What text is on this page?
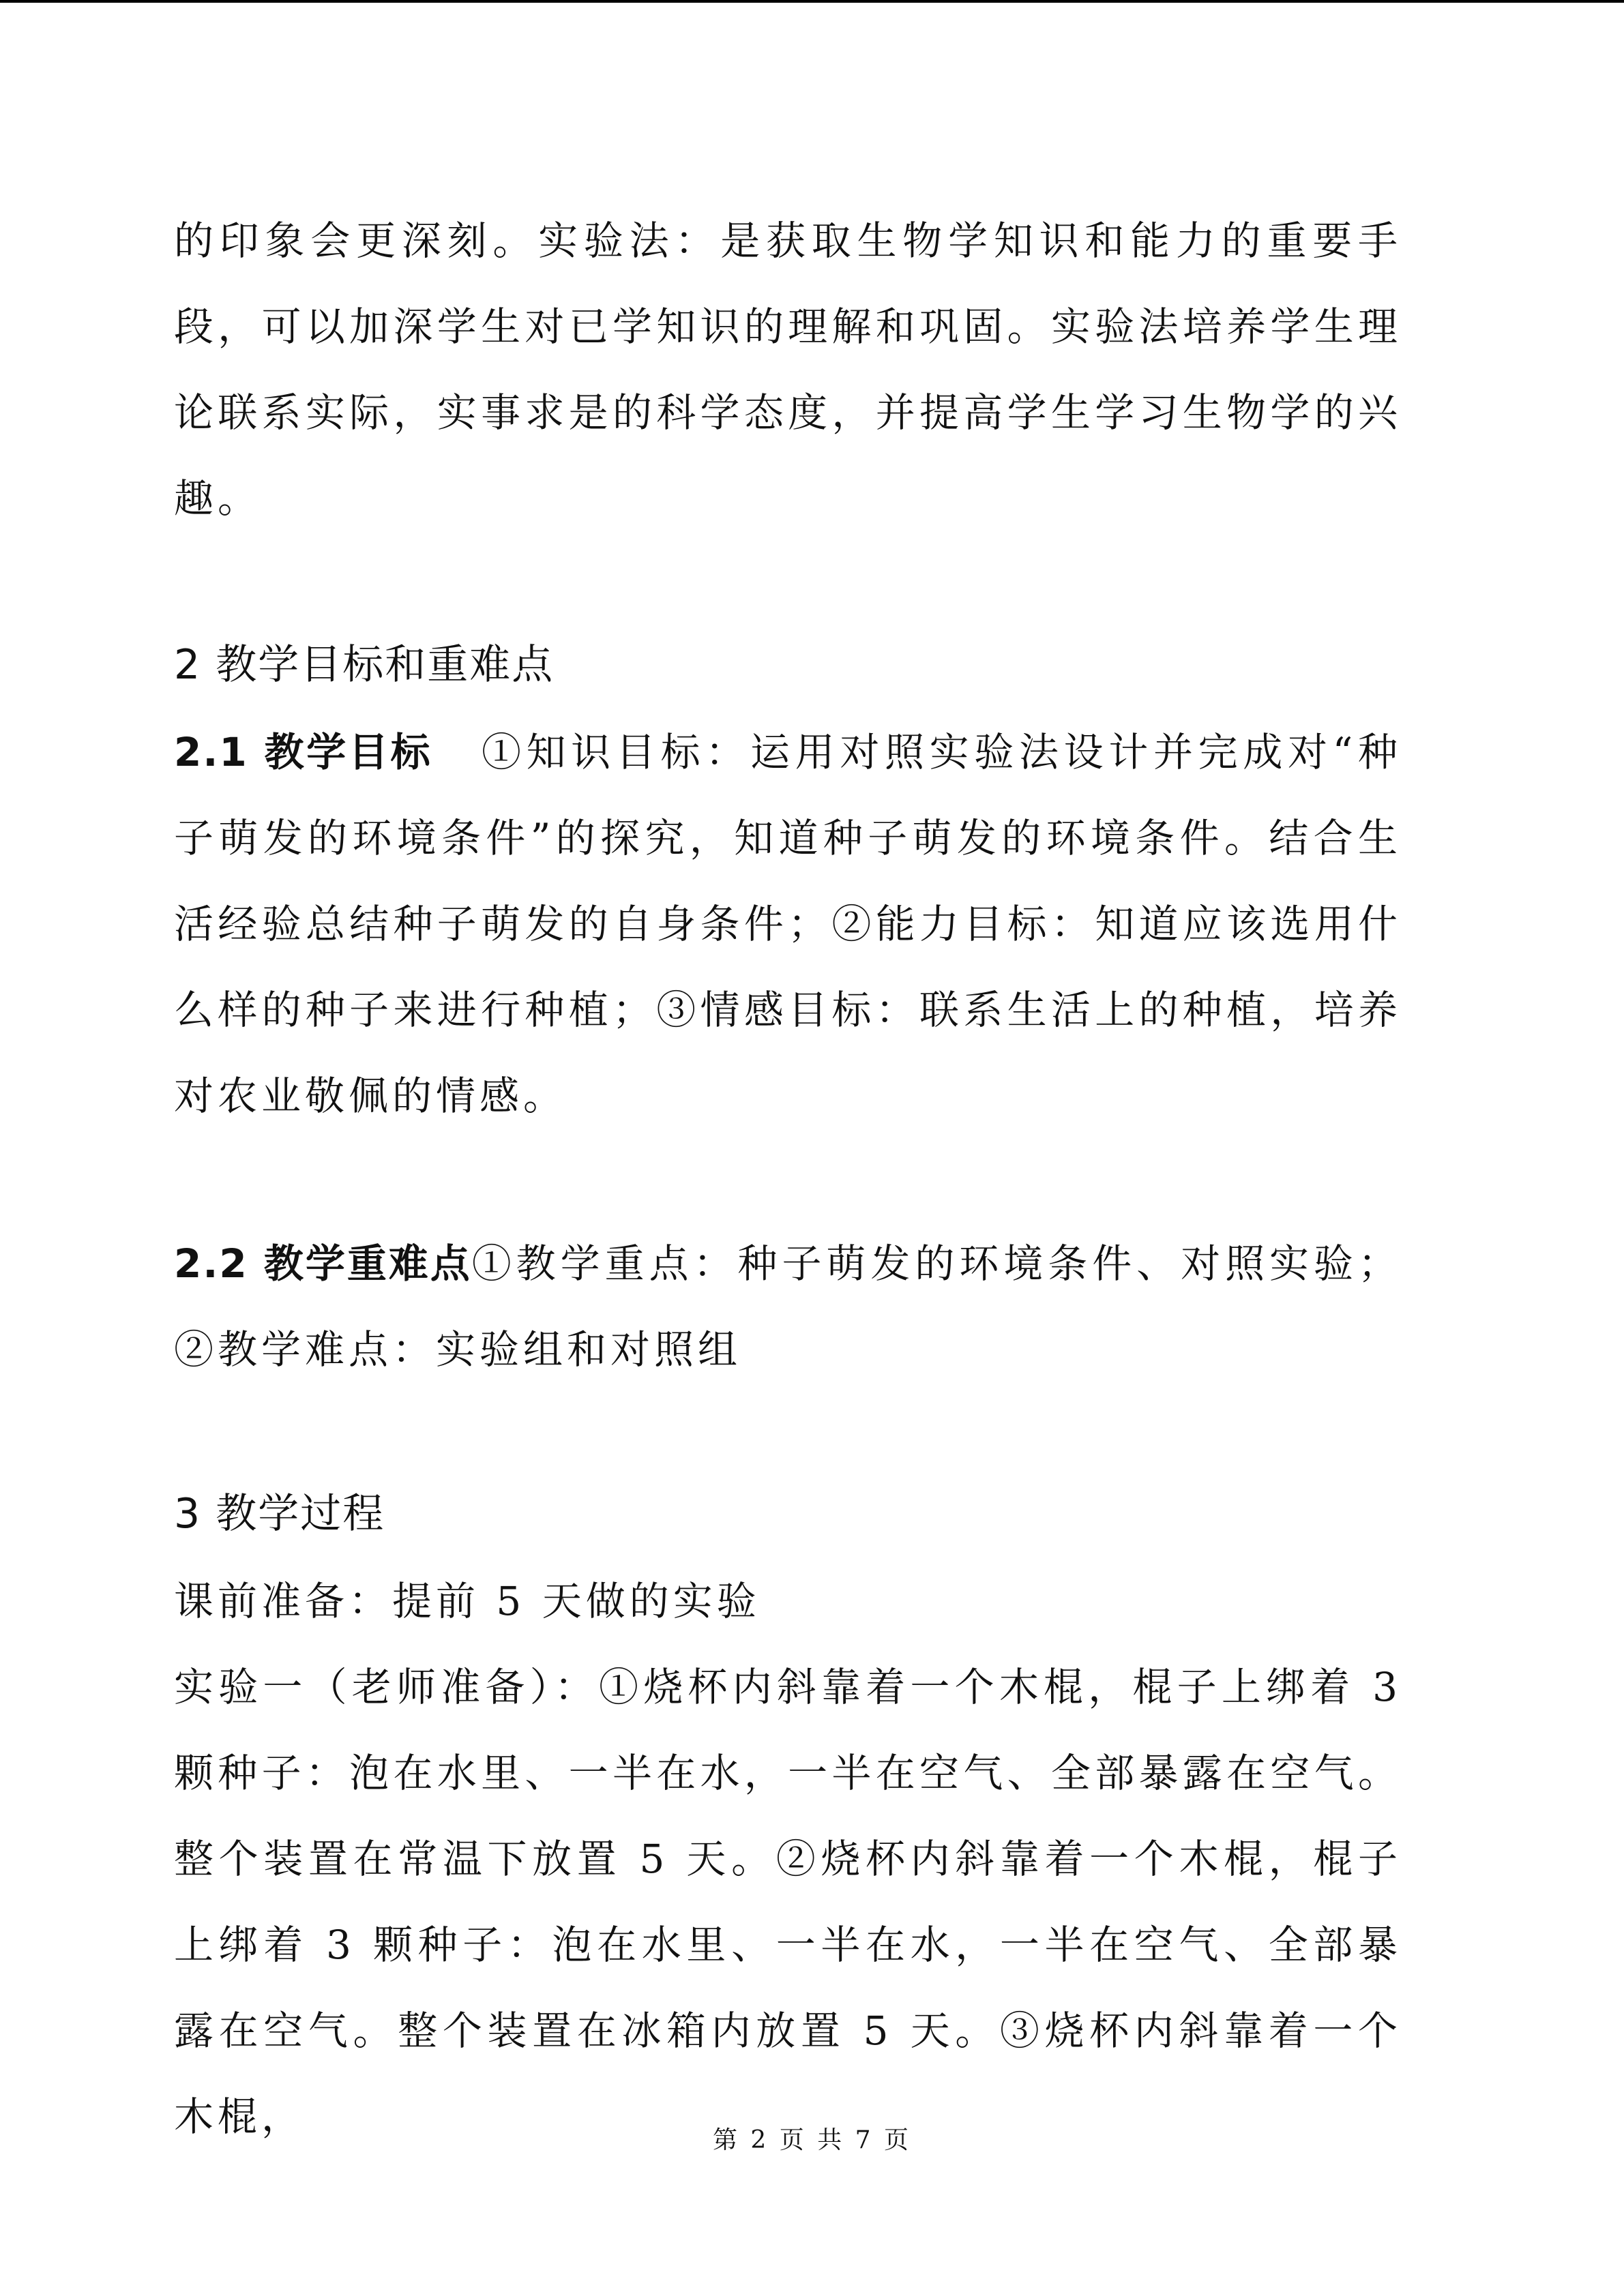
的印象会更深刻。实验法：是获取生物学知识和能力的重要手段，可以加深学生对已学知识的理解和巩固。实验法培养学生理论联系实际，实事求是的科学态度，并提高学生学习生物学的兴趣。

2 教学目标和重难点

2.1 教学目标 ①知识目标：运用对照实验法设计并完成对“种子萌发的环境条件”的探究，知道种子萌发的环境条件。结合生活经验总结种子萌发的自身条件；②能力目标：知道应该选用什么样的种子来进行种植；③情感目标：联系生活上的种植，培养对农业敬佩的情感。

2.2 教学重难点①教学重点：种子萌发的环境条件、对照实验；②教学难点：实验组和对照组

3 教学过程

课前准备：提前 5 天做的实验

实验一（老师准备）：①烧杯内斜靠着一个木棍，棍子上绑着 3 颗种子：泡在水里、一半在水，一半在空气、全部暴露在空气。整个装置在常温下放置 5 天。②烧杯内斜靠着一个木棍，棍子上绑着 3 颗种子：泡在水里、一半在水，一半在空气、全部暴露在空气。整个装置在冰箱内放置 5 天。③烧杯内斜靠着一个木棍，

第 2 页 共 7 页
